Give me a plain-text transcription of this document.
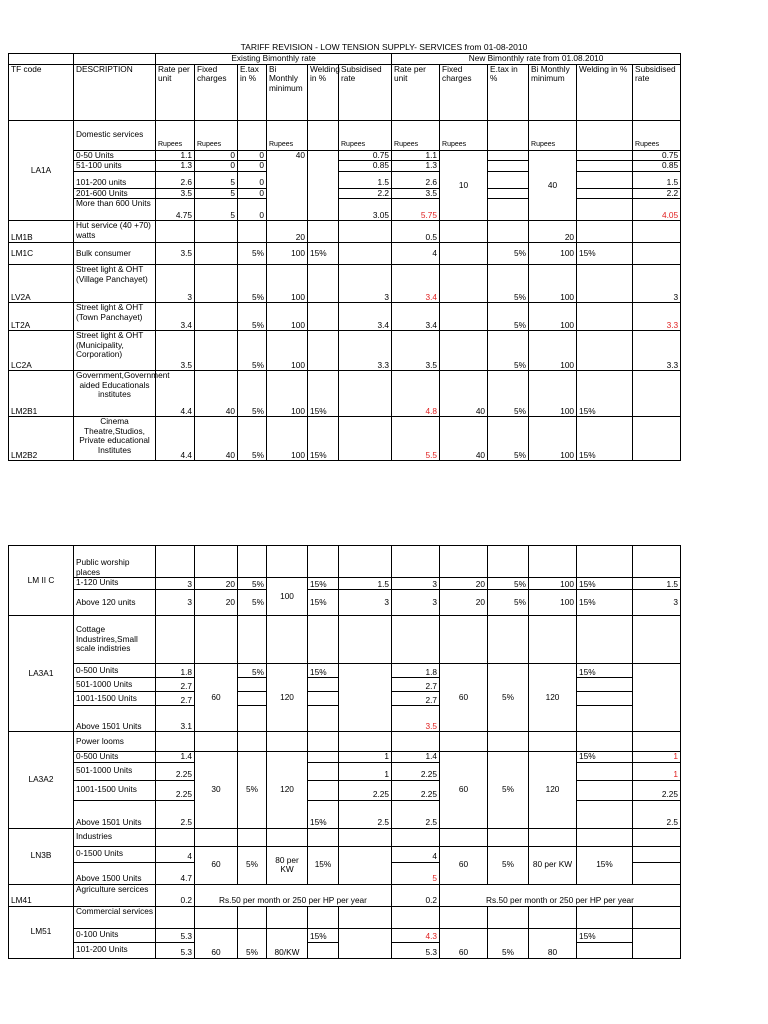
TARIFF REVISION - LOW TENSION SUPPLY- SERVICES from 01-08-2010
		Existing Bimonthly rate						New Bimonthly rate from 01.08.2010					
TF code	DESCRIPTION	Rate per unit	Fixed charges	E.tax in %	Bi Monthly minimum	Welding in %	Subsidised rate	Rate per unit	Fixed charges	E.tax in %	Bi Monthly minimum	Welding in %	Subsidised rate
LA1A	Domestic services	Rupees	Rupees		Rupees		Rupees	Rupees	Rupees		Rupees		Rupees
	0-50 Units	1.1	0	0	40		0.75	1.1	10		40		0.75
	51-100 units	1.3	0	0			0.85	1.3					0.85
	101-200 units	2.6	5	0			1.5	2.6					1.5
	201-600 Units	3.5	5	0			2.2	3.5					2.2
	More than 600 Units	4.75	5	0			3.05	5.75					4.05
LM1B	Hut service (40 +70) watts				20			0.5			20		
LM1C	Bulk consumer	3.5		5%	100	15%		4		5%	100	15%	
LV2A	Street light & OHT (Village Panchayet)	3		5%	100		3	3.4		5%	100		3
LT2A	Street light & OHT (Town Panchayet)	3.4		5%	100		3.4	3.4		5%	100		3.3
LC2A	Street light & OHT (Municipality, Corporation)	3.5		5%	100		3.3	3.5		5%	100		3.3
LM2B1	Government,Government aided Educationals institutes	4.4	40	5%	100	15%		4.8	40	5%	100	15%	
LM2B2	Cinema Theatre,Studios, Private educational Institutes	4.4	40	5%	100	15%		5.5	40	5%	100	15%	
LM II C	Public worship places												
	1-120 Units	3	20	5%	100	15%	1.5	3	20	5%	100	15%	1.5
	Above 120 units	3	20	5%		15%	3	3	20	5%	100	15%	3
LA3A1	Cottage Industrires,Small scale indistries												
	0-500 Units	1.8	60	5%	120	15%		1.8	60	5%	120	15%	
	501-1000 Units	2.7						2.7					
	1001-1500 Units	2.7						2.7					
	Above 1501 Units	3.1						3.5					
LA3A2	Power looms												
	0-500 Units	1.4	30	5%	120		1	1.4	60	5%	120	15%	1
	501-1000 Units	2.25					1	2.25					1
	1001-1500 Units	2.25					2.25	2.25					2.25
	Above 1501 Units	2.5				15%	2.5	2.5					2.5
LN3B	Industries												
	0-1500 Units	4	60	5%	80 per KW	15%		4	60	5%	80 per KW	15%	
	Above 1500 Units	4.7						5					
LM41	Agriculture sercices	0.2	Rs.50 per month or 250 per HP per year					0.2	Rs.50 per month or 250 per HP per year				
LM51	Commercial services												
	0-100 Units	5.3	60	5%	80/KW	15%		4.3	60	5%	80	15%	
	101-200 Units	5.3						5.3					
